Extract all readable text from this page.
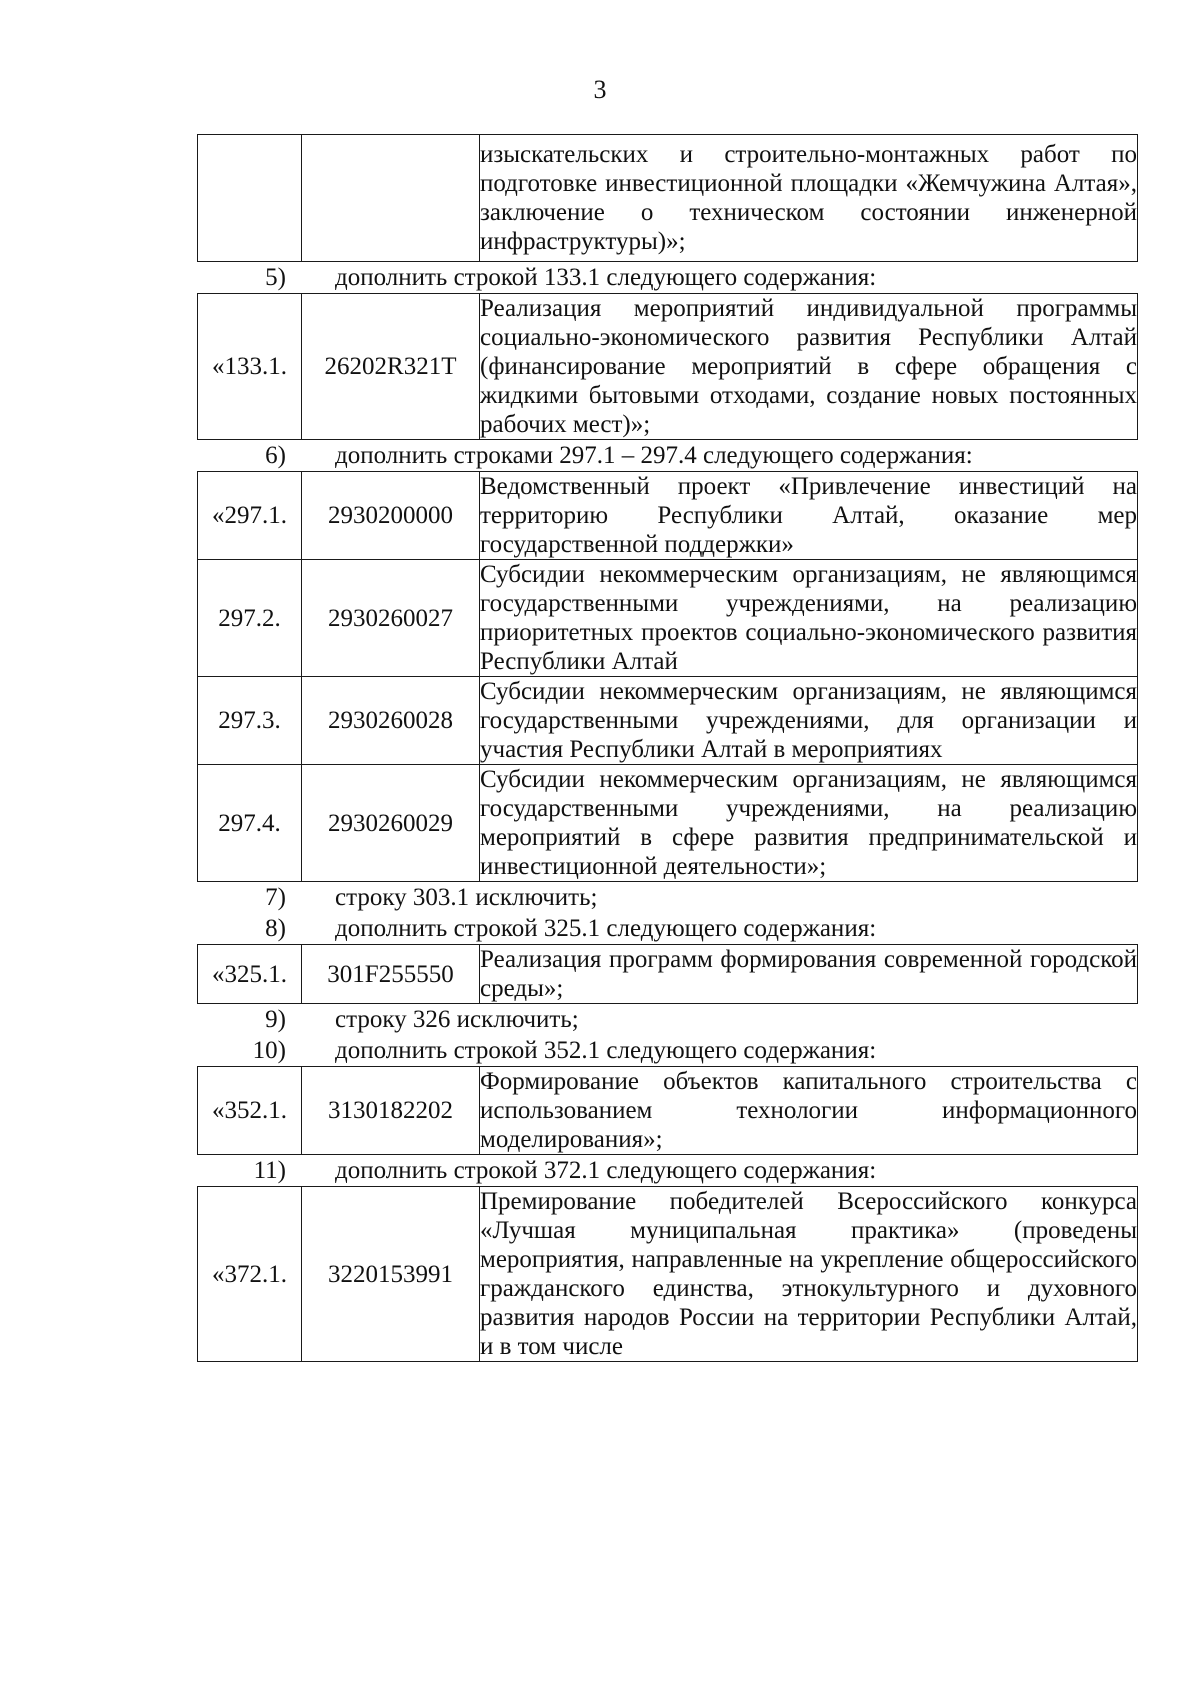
3
		изыскательских и строительно-монтажных работ по подготовке инвестиционной площадки «Жемчужина Алтая», заключение о техническом состоянии инженерной инфраструктуры)»;
5) дополнить строкой 133.1 следующего содержания:
«133.1.	26202R321T	Реализация мероприятий индивидуальной программы социально-экономического развития Республики Алтай (финансирование мероприятий в сфере обращения с жидкими бытовыми отходами, создание новых постоянных рабочих мест)»;
6) дополнить строками 297.1 – 297.4 следующего содержания:
«297.1.	2930200000	Ведомственный проект «Привлечение инвестиций на территорию Республики Алтай, оказание мер государственной поддержки»
297.2.	2930260027	Субсидии некоммерческим организациям, не являющимся государственными учреждениями, на реализацию приоритетных проектов социально-экономического развития Республики Алтай
297.3.	2930260028	Субсидии некоммерческим организациям, не являющимся государственными учреждениями, для организации и участия Республики Алтай в мероприятиях
297.4.	2930260029	Субсидии некоммерческим организациям, не являющимся государственными учреждениями, на реализацию мероприятий в сфере развития предпринимательской и инвестиционной деятельности»;
7) строку 303.1 исключить;
8) дополнить строкой 325.1 следующего содержания:
«325.1.	301F255550	Реализация программ формирования современной городской среды»;
9) строку 326 исключить;
10) дополнить строкой 352.1 следующего содержания:
«352.1.	3130182202	Формирование объектов капитального строительства с использованием технологии информационного моделирования»;
11) дополнить строкой 372.1 следующего содержания:
«372.1.	3220153991	Премирование победителей Всероссийского конкурса «Лучшая муниципальная практика» (проведены мероприятия, направленные на укрепление общероссийского гражданского единства, этнокультурного и духовного развития народов России на территории Республики Алтай, и в том числе
